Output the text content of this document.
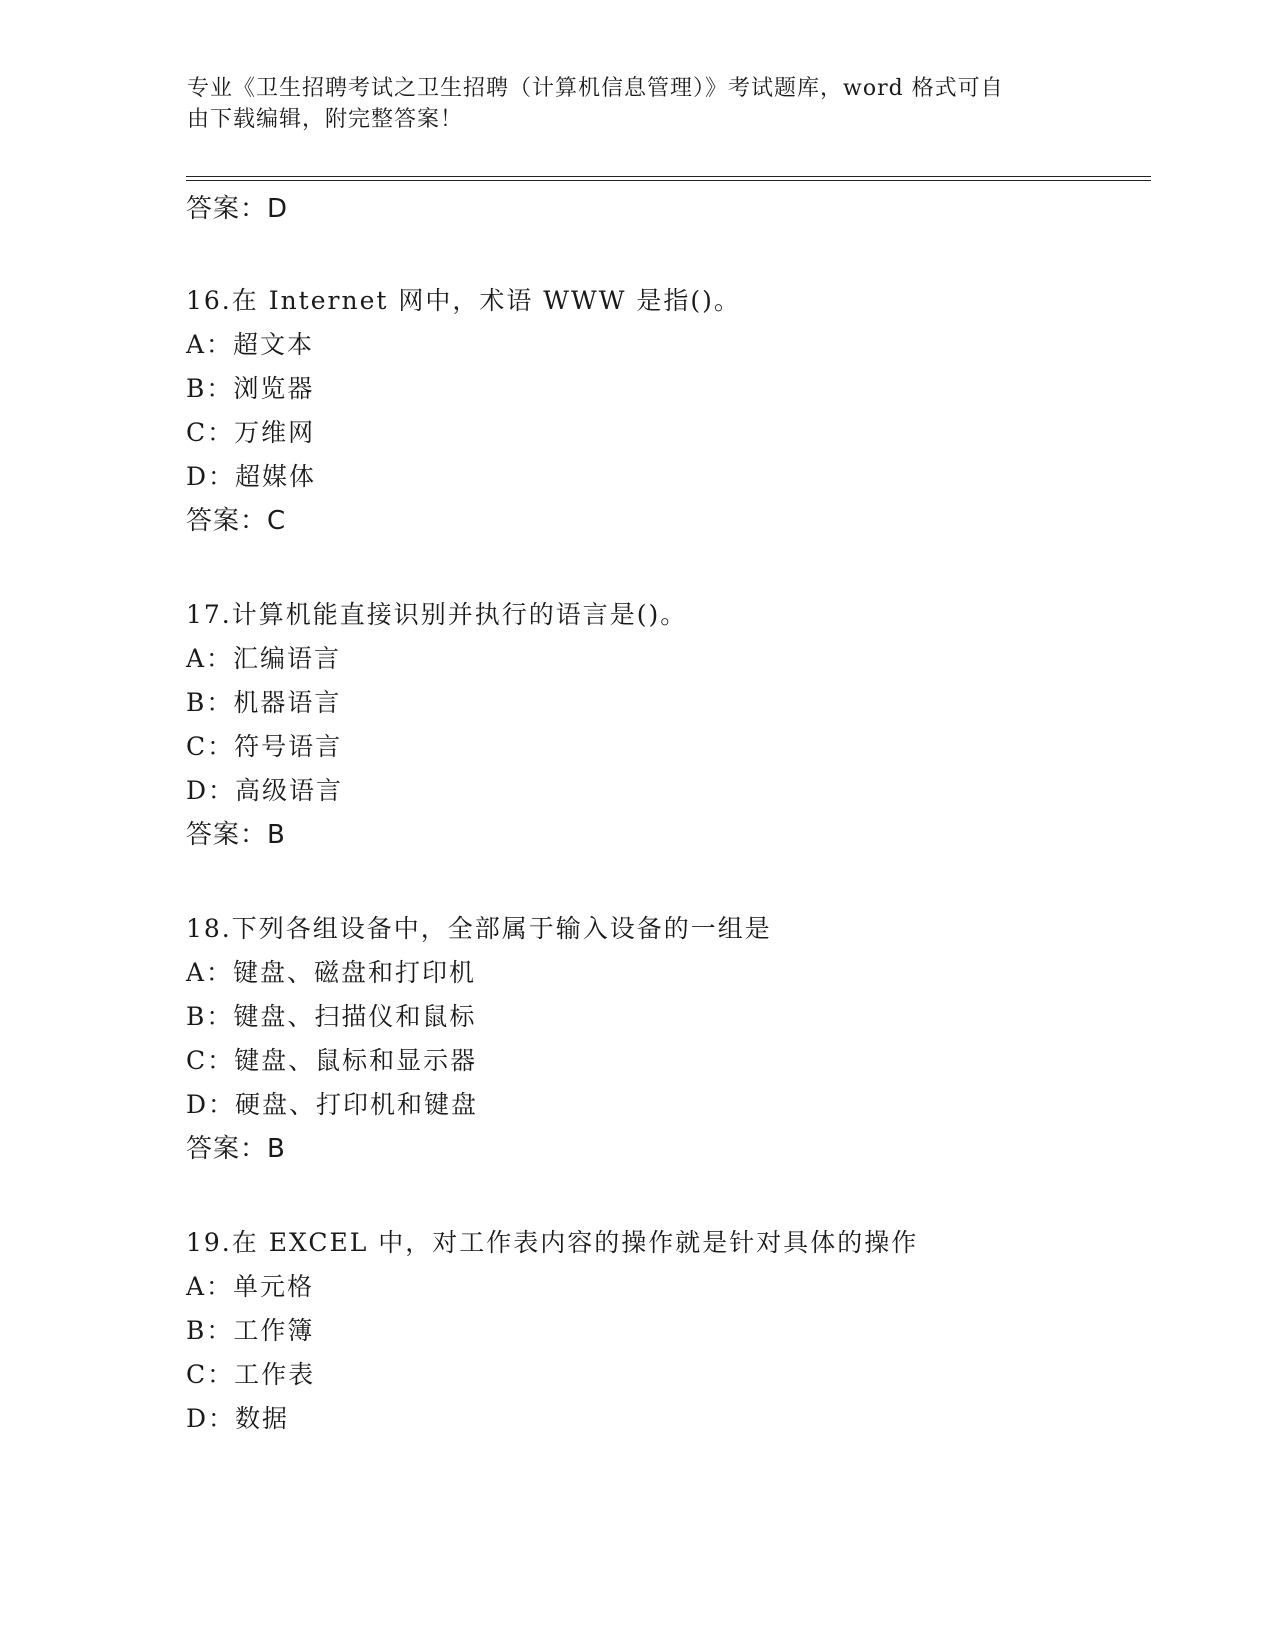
专业《卫生招聘考试之卫生招聘（计算机信息管理）》考试题库，word 格式可自
由下载编辑，附完整答案！
答案：D
16.在 Internet 网中，术语 WWW 是指()。
A：超文本
B：浏览器
C：万维网
D：超媒体
答案：C
17.计算机能直接识别并执行的语言是()。
A：汇编语言
B：机器语言
C：符号语言
D：高级语言
答案：B
18.下列各组设备中，全部属于输入设备的一组是
A：键盘、磁盘和打印机
B：键盘、扫描仪和鼠标
C：键盘、鼠标和显示器
D：硬盘、打印机和键盘
答案：B
19.在 EXCEL 中，对工作表内容的操作就是针对具体的操作
A：单元格
B：工作簿
C：工作表
D：数据
